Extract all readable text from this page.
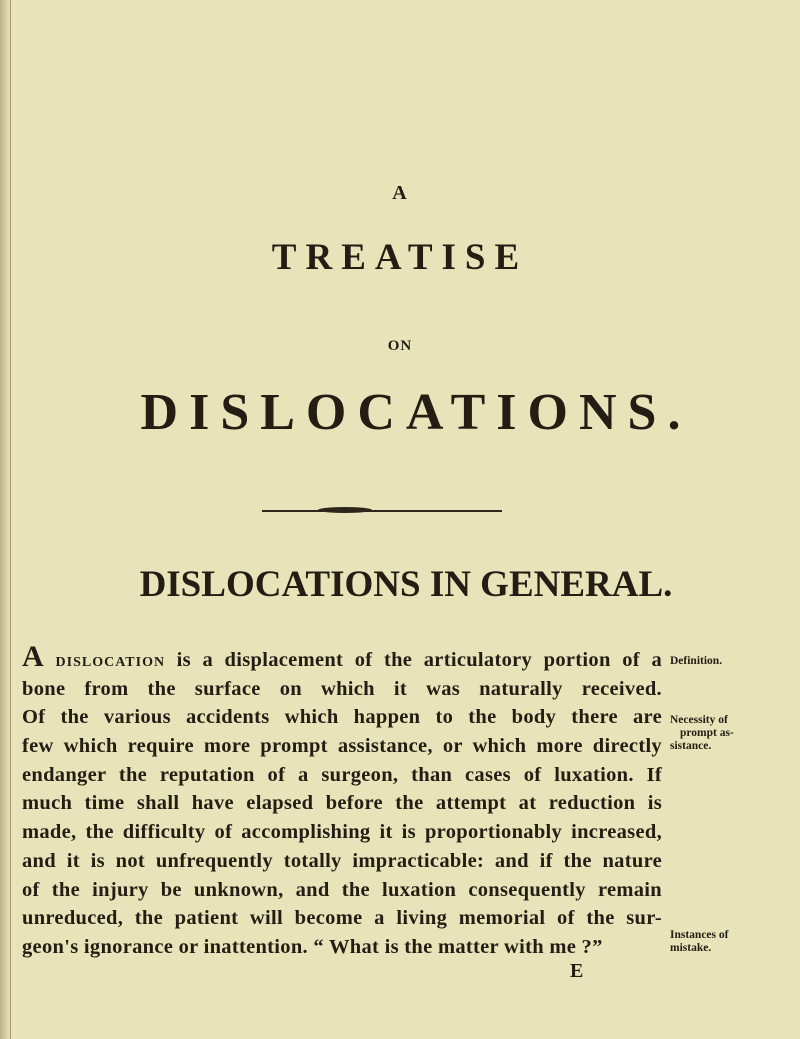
A
TREATISE
ON
DISLOCATIONS.
DISLOCATIONS IN GENERAL.
A dislocation is a displacement of the articulatory portion of a
bone from the surface on which it was naturally received.
Of the various accidents which happen to the body there are
few which require more prompt assistance, or which more directly
endanger the reputation of a surgeon, than cases of luxation. If
much time shall have elapsed before the attempt at reduction is
made, the difficulty of accomplishing it is proportionably increased,
and it is not unfrequently totally impracticable: and if the nature
of the injury be unknown, and the luxation consequently remain
unreduced, the patient will become a living memorial of the sur-
geon's ignorance or inattention. “ What is the matter with me ?”
Definition.
Necessity of
prompt as-
sistance.
Instances of
mistake.
E
